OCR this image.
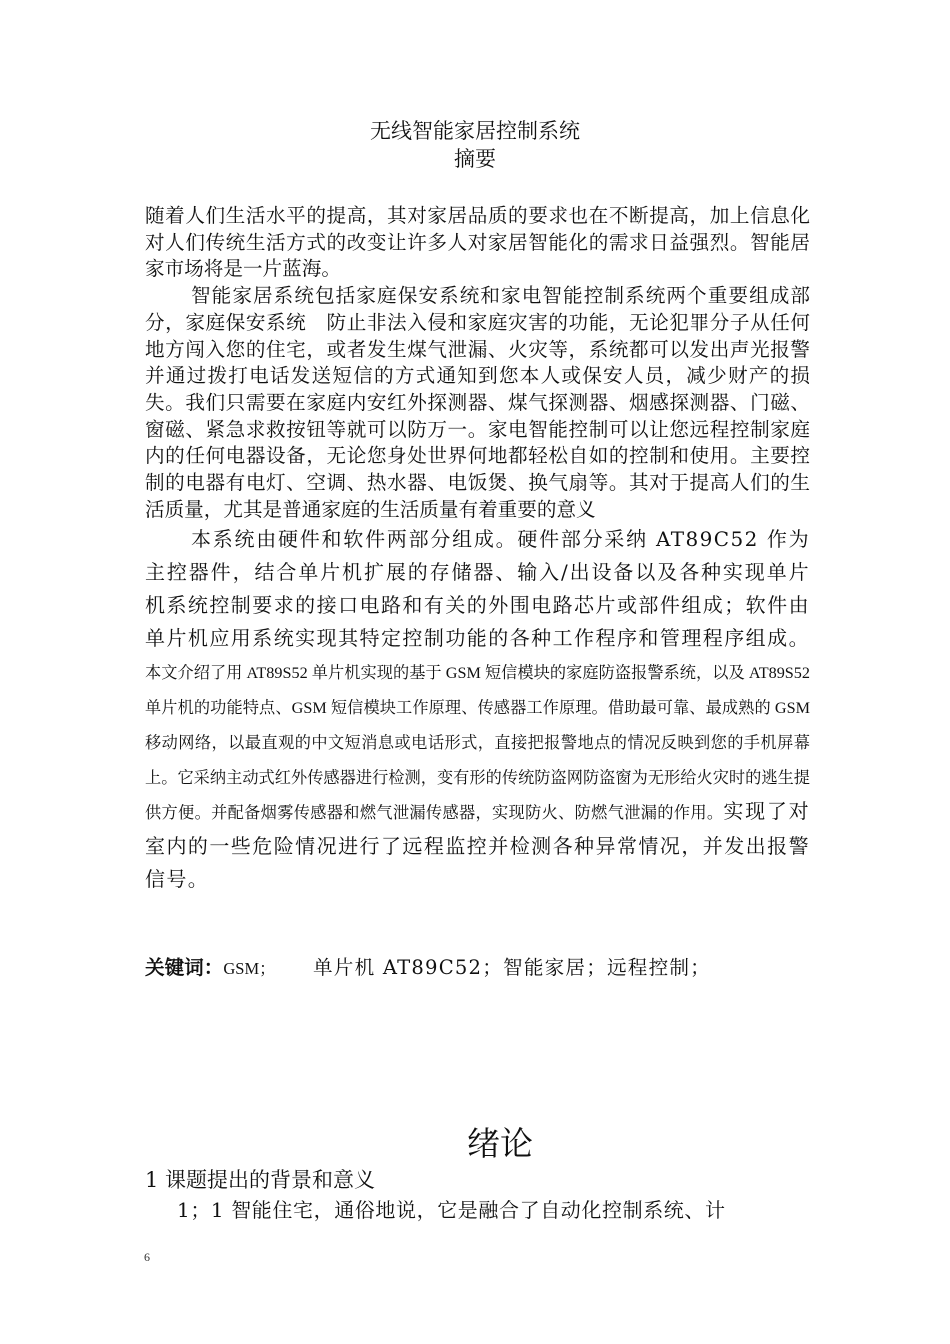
无线智能家居控制系统
摘要

随着人们生活水平的提高，其对家居品质的要求也在不断提高，加上信息化对人们传统生活方式的改变让许多人对家居智能化的需求日益强烈。智能居家市场将是一片蓝海。

智能家居系统包括家庭保安系统和家电智能控制系统两个重要组成部分，家庭保安系统　防止非法入侵和家庭灾害的功能，无论犯罪分子从任何地方闯入您的住宅，或者发生煤气泄漏、火灾等，系统都可以发出声光报警并通过拨打电话发送短信的方式通知到您本人或保安人员，减少财产的损失。我们只需要在家庭内安红外探测器、煤气探测器、烟感探测器、门磁、窗磁、紧急求救按钮等就可以防万一。家电智能控制可以让您远程控制家庭内的任何电器设备，无论您身处世界何地都轻松自如的控制和使用。主要控制的电器有电灯、空调、热水器、电饭煲、换气扇等。其对于提高人们的生活质量，尤其是普通家庭的生活质量有着重要的意义

本系统由硬件和软件两部分组成。硬件部分采纳 AT89C52 作为主控器件，结合单片机扩展的存储器、输入/出设备以及各种实现单片机系统控制要求的接口电路和有关的外围电路芯片或部件组成；软件由单片机应用系统实现其特定控制功能的各种工作程序和管理程序组成。本文介绍了用 AT89S52 单片机实现的基于 GSM 短信模块的家庭防盗报警系统，以及 AT89S52 单片机的功能特点、GSM 短信模块工作原理、传感器工作原理。借助最可靠、最成熟的 GSM 移动网络，以最直观的中文短消息或电话形式，直接把报警地点的情况反映到您的手机屏幕上。它采纳主动式红外传感器进行检测，变有形的传统防盗网防盗窗为无形给火灾时的逃生提供方便。并配备烟雾传感器和燃气泄漏传感器，实现防火、防燃气泄漏的作用。实现了对室内的一些危险情况进行了远程监控并检测各种异常情况，并发出报警信号。

关键词：GSM； 单片机 AT89C52；智能家居；远程控制；

绪论
1 课题提出的背景和意义

1；1 智能住宅，通俗地说，它是融合了自动化控制系统、计

6
